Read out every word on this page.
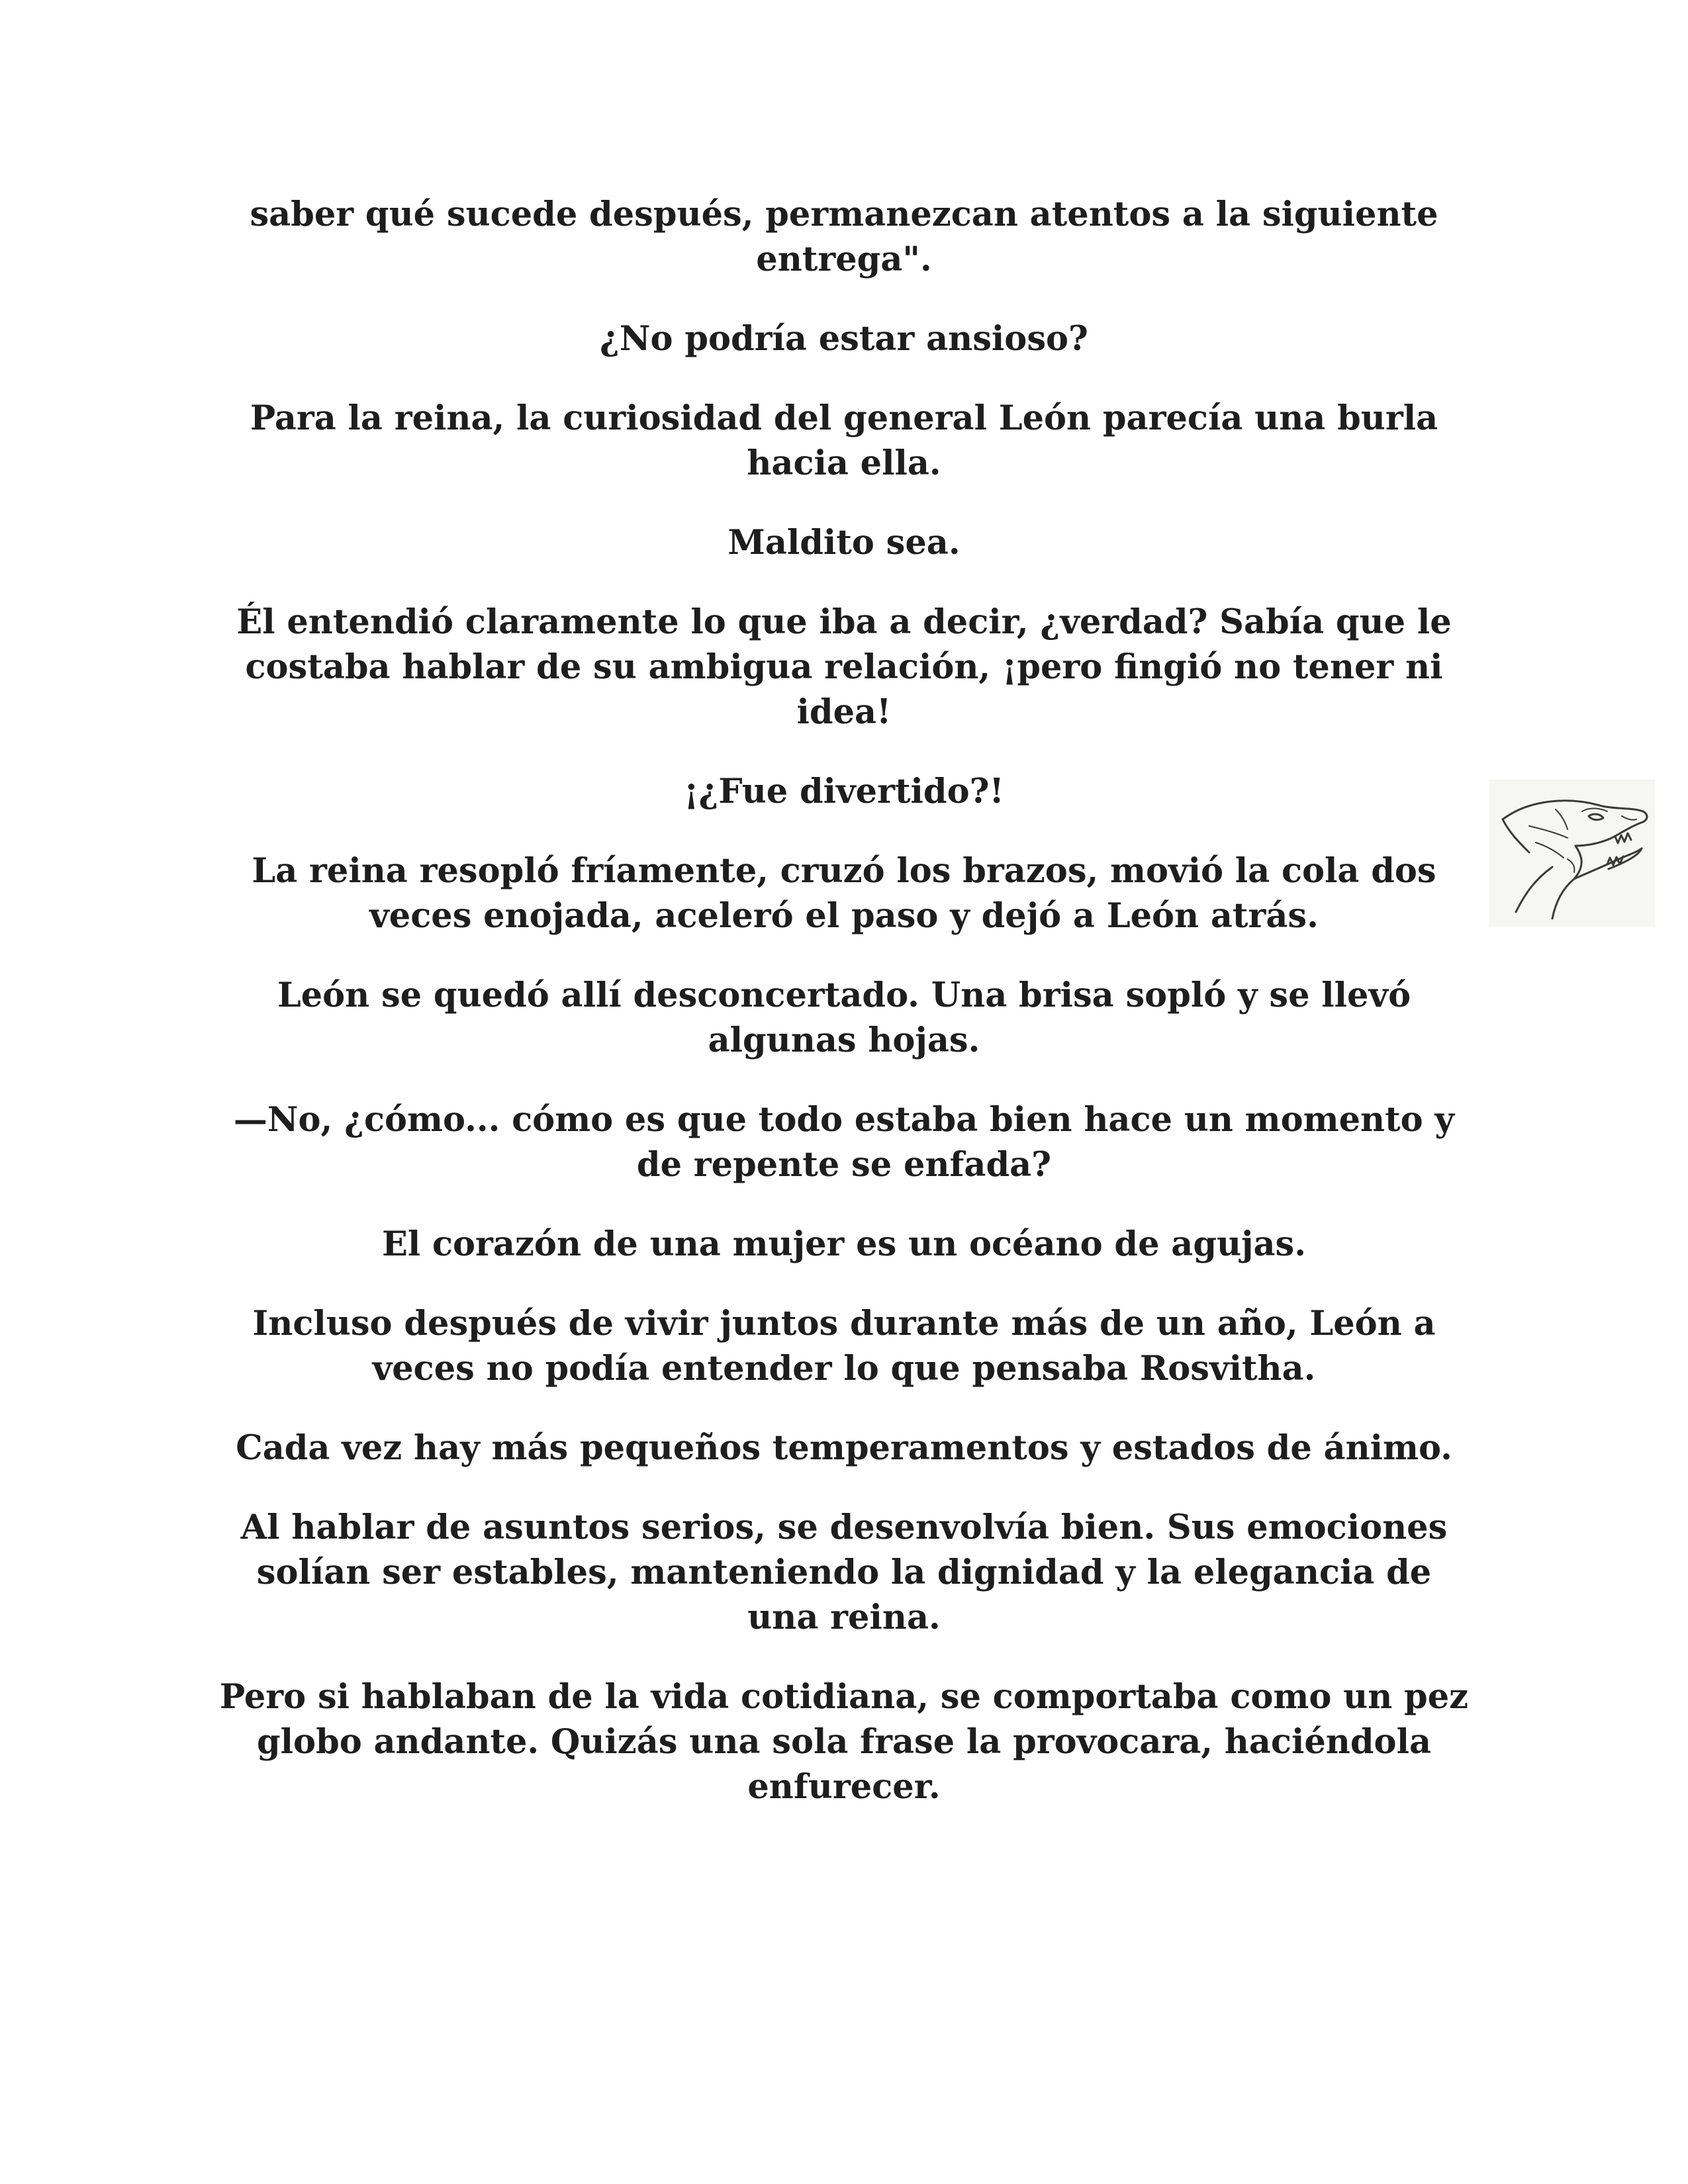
saber qué sucede después, permanezcan atentos a la siguiente entrega".

¿No podría estar ansioso?

Para la reina, la curiosidad del general León parecía una burla hacia ella.

Maldito sea.

Él entendió claramente lo que iba a decir, ¿verdad? Sabía que le costaba hablar de su ambigua relación, ¡pero fingió no tener ni idea!

¡¿Fue divertido?!

La reina resopló fríamente, cruzó los brazos, movió la cola dos veces enojada, aceleró el paso y dejó a León atrás.

León se quedó allí desconcertado. Una brisa sopló y se llevó algunas hojas.

—No, ¿cómo... cómo es que todo estaba bien hace un momento y de repente se enfada?

El corazón de una mujer es un océano de agujas.

Incluso después de vivir juntos durante más de un año, León a veces no podía entender lo que pensaba Rosvitha.

Cada vez hay más pequeños temperamentos y estados de ánimo.

Al hablar de asuntos serios, se desenvolvía bien. Sus emociones solían ser estables, manteniendo la dignidad y la elegancia de una reina.

Pero si hablaban de la vida cotidiana, se comportaba como un pez globo andante. Quizás una sola frase la provocara, haciéndola enfurecer.
